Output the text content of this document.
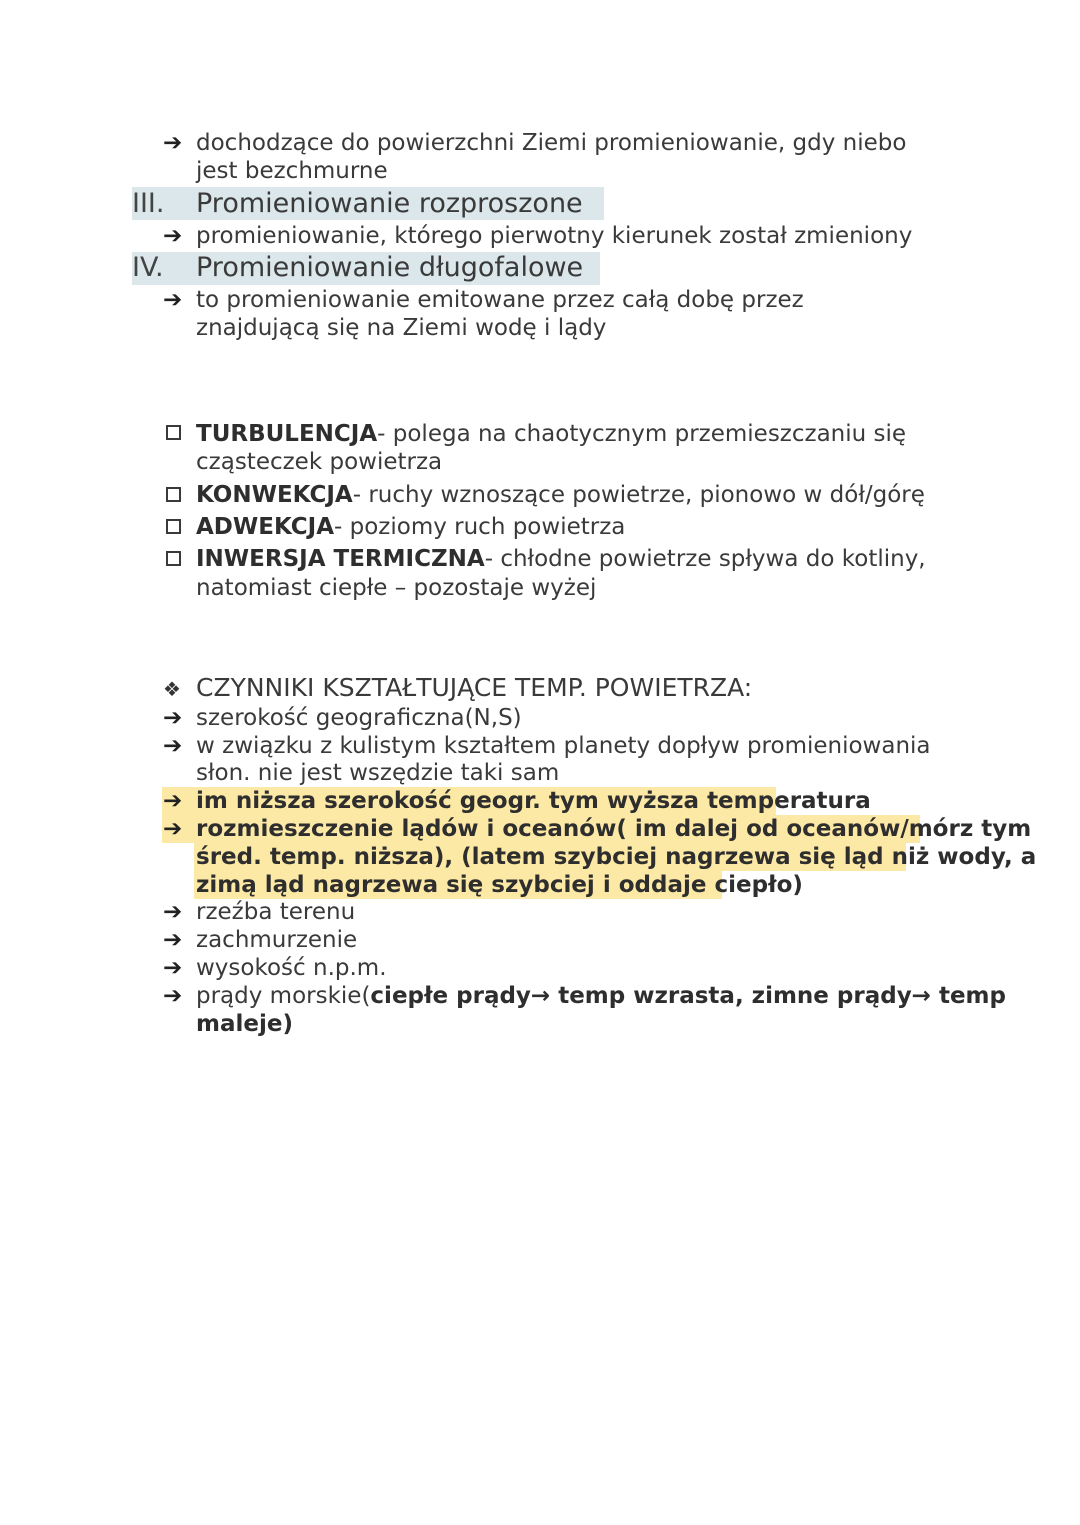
➔ dochodzące do powierzchni Ziemi promieniowanie, gdy niebo
jest bezchmurne
III. Promieniowanie rozproszone
➔ promieniowanie, którego pierwotny kierunek został zmieniony
IV. Promieniowanie długofalowe
➔ to promieniowanie emitowane przez całą dobę przez
znajdującą się na Ziemi wodę i lądy
TURBULENCJA- polega na chaotycznym przemieszczaniu się
cząsteczek powietrza
KONWEKCJA- ruchy wznoszące powietrze, pionowo w dół/górę
ADWEKCJA- poziomy ruch powietrza
INWERSJA TERMICZNA- chłodne powietrze spływa do kotliny,
natomiast ciepłe – pozostaje wyżej
❖ CZYNNIKI KSZTAŁTUJĄCE TEMP. POWIETRZA:
➔ szerokość geograficzna(N,S)
➔ w związku z kulistym kształtem planety dopływ promieniowania
słon. nie jest wszędzie taki sam
➔ im niższa szerokość geogr. tym wyższa temperatura
➔ rozmieszczenie lądów i oceanów( im dalej od oceanów/mórz tym
śred. temp. niższa), (latem szybciej nagrzewa się ląd niż wody, a
zimą ląd nagrzewa się szybciej i oddaje ciepło)
➔ rzeźba terenu
➔ zachmurzenie
➔ wysokość n.p.m.
➔ prądy morskie(ciepłe prądy→ temp wzrasta, zimne prądy→ temp
maleje)
